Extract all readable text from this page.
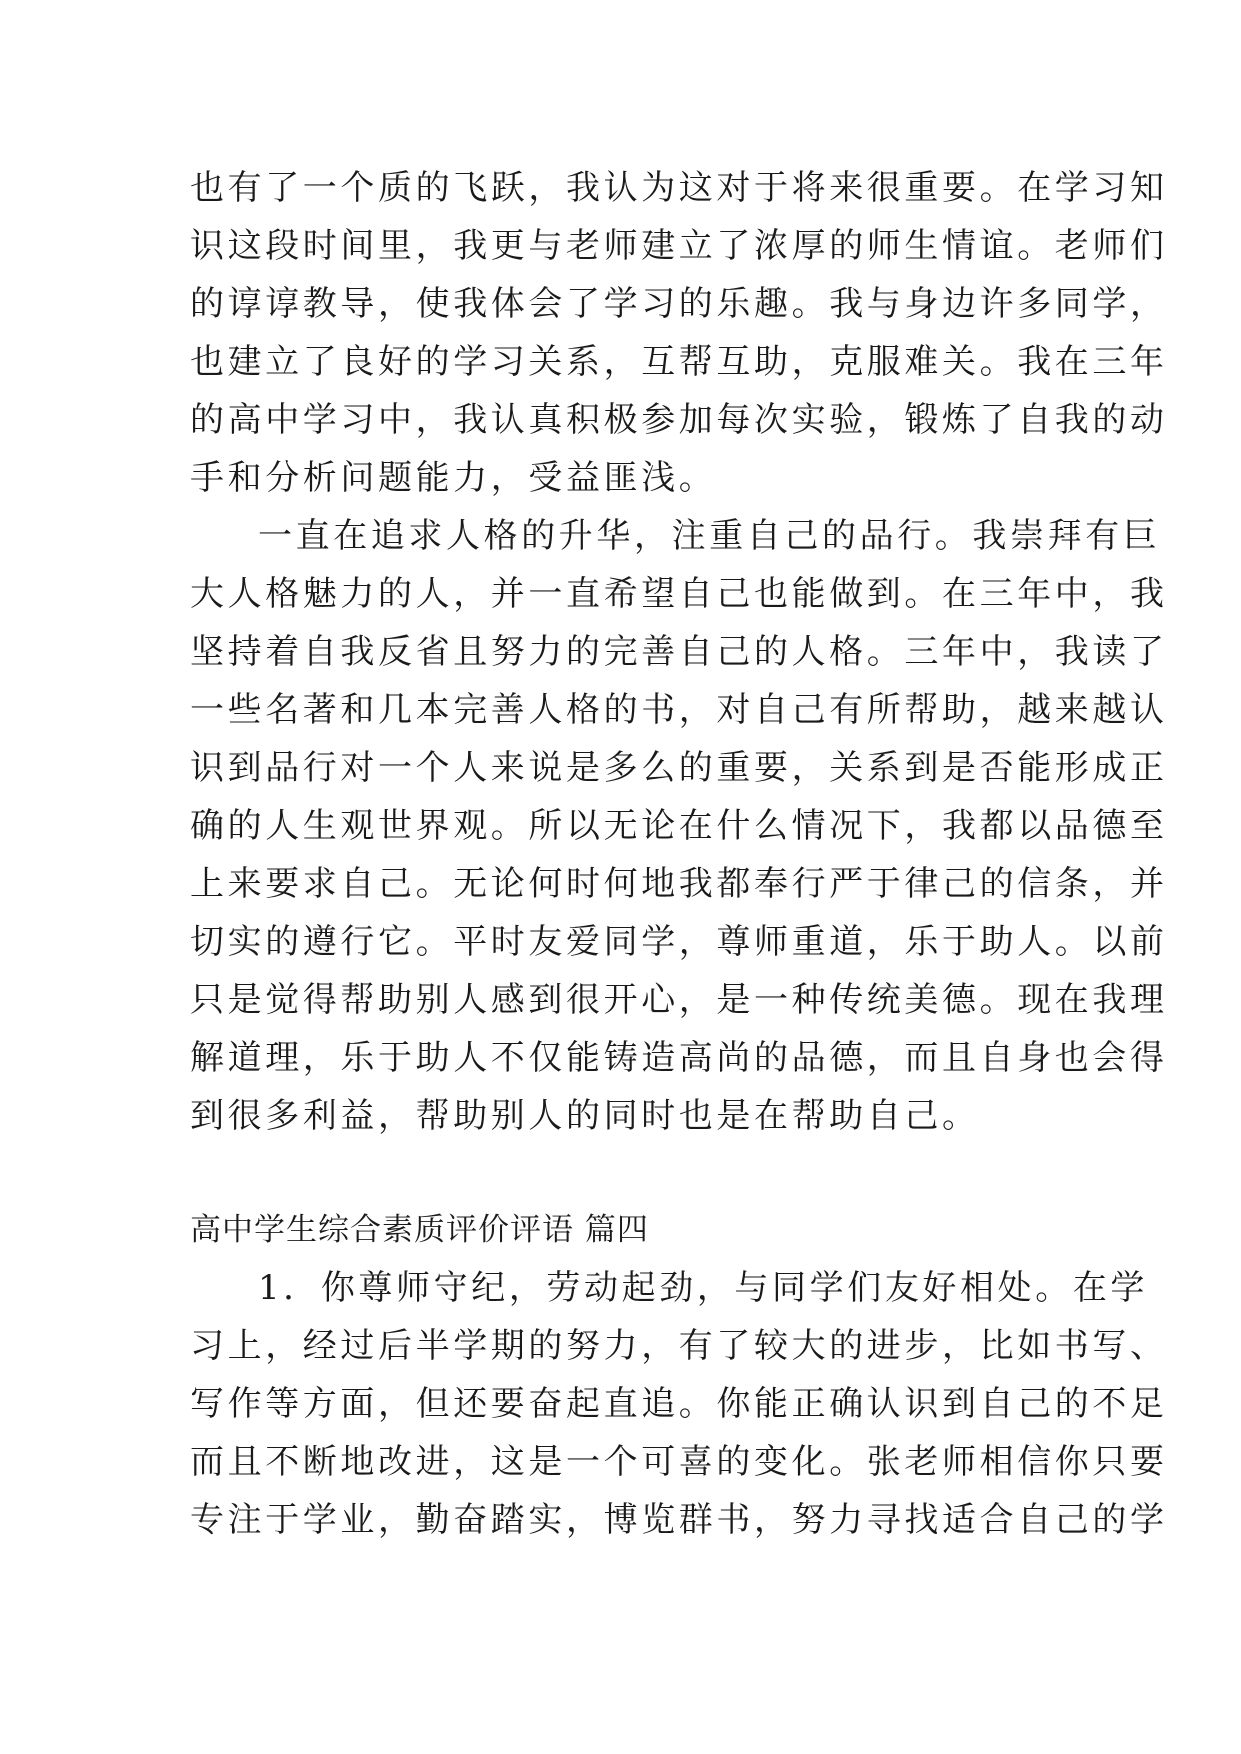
也有了一个质的飞跃，我认为这对于将来很重要。在学习知
识这段时间里，我更与老师建立了浓厚的师生情谊。老师们
的谆谆教导，使我体会了学习的乐趣。我与身边许多同学，
也建立了良好的学习关系，互帮互助，克服难关。我在三年
的高中学习中，我认真积极参加每次实验，锻炼了自我的动
手和分析问题能力，受益匪浅。
一直在追求人格的升华，注重自己的品行。我崇拜有巨
大人格魅力的人，并一直希望自己也能做到。在三年中，我
坚持着自我反省且努力的完善自己的人格。三年中，我读了
一些名著和几本完善人格的书，对自己有所帮助，越来越认
识到品行对一个人来说是多么的重要，关系到是否能形成正
确的人生观世界观。所以无论在什么情况下，我都以品德至
上来要求自己。无论何时何地我都奉行严于律己的信条，并
切实的遵行它。平时友爱同学，尊师重道，乐于助人。以前
只是觉得帮助别人感到很开心，是一种传统美德。现在我理
解道理，乐于助人不仅能铸造高尚的品德，而且自身也会得
到很多利益，帮助别人的同时也是在帮助自己。
高中学生综合素质评价评语 篇四
1．你尊师守纪，劳动起劲，与同学们友好相处。在学
习上，经过后半学期的努力，有了较大的进步，比如书写、
写作等方面，但还要奋起直追。你能正确认识到自己的不足
而且不断地改进，这是一个可喜的变化。张老师相信你只要
专注于学业，勤奋踏实，博览群书，努力寻找适合自己的学
